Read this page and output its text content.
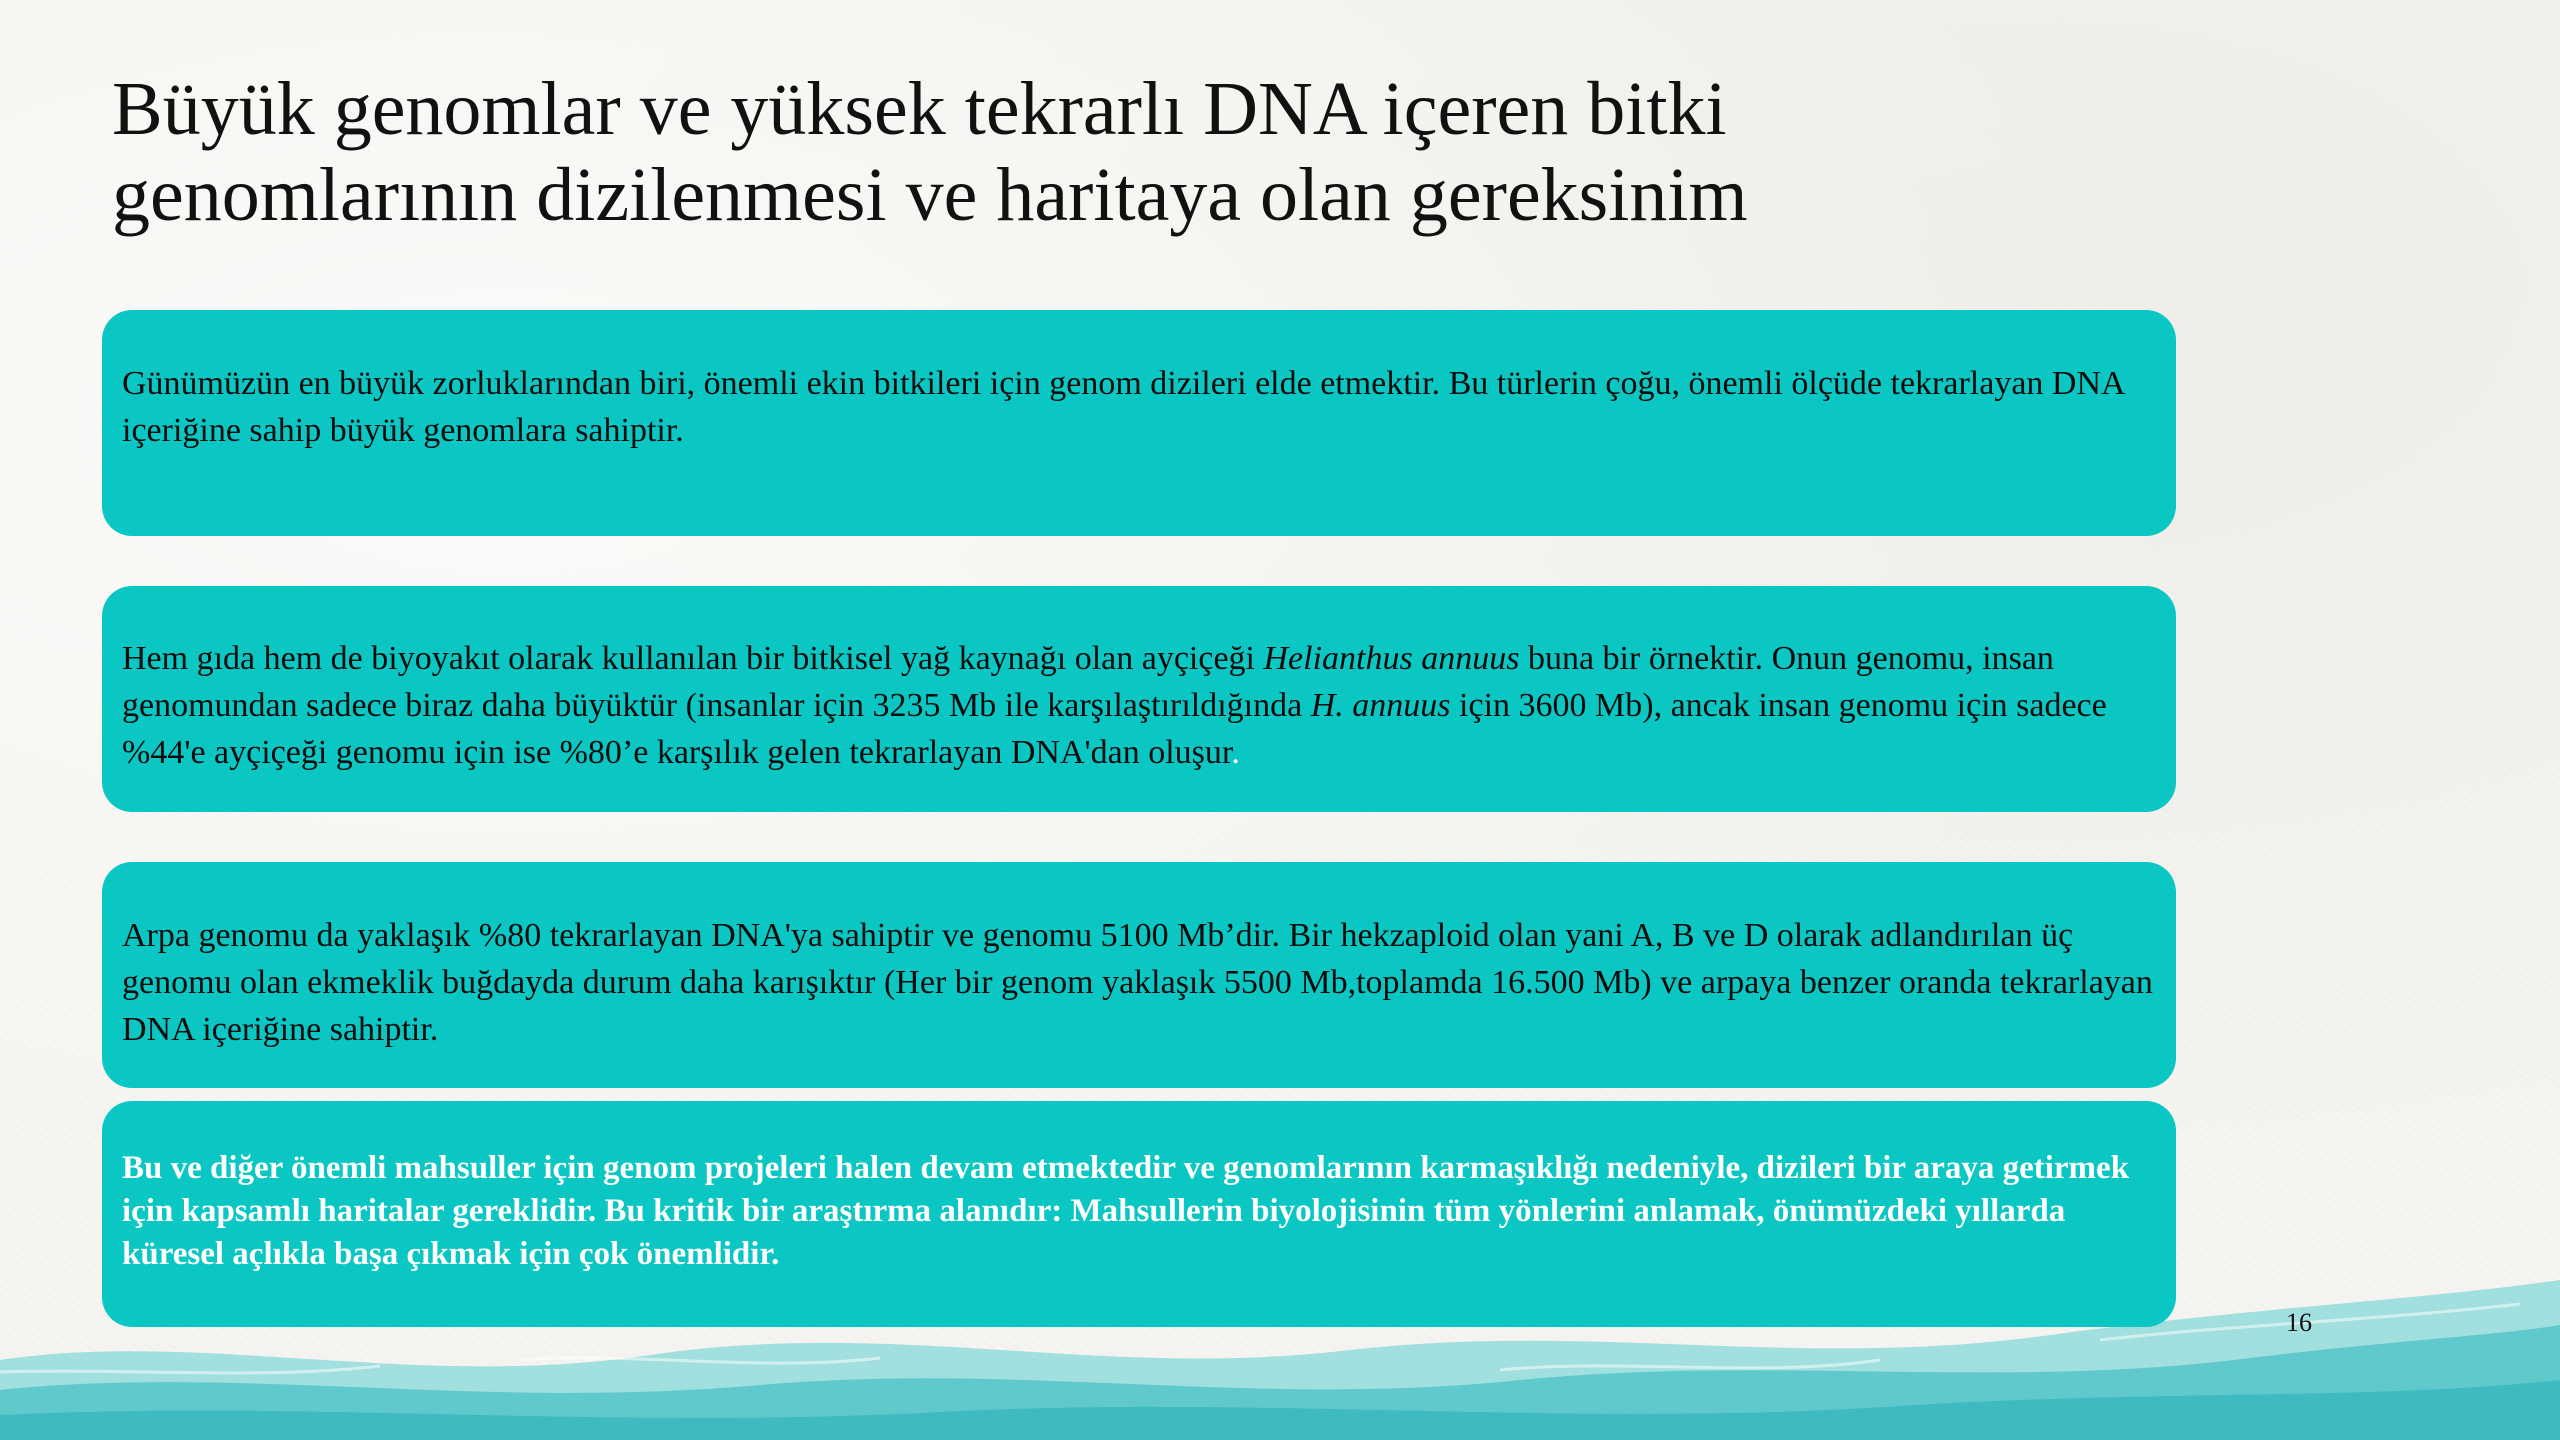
Büyük genomlar ve yüksek tekrarlı DNA içeren bitki
genomlarının dizilenmesi ve haritaya olan gereksinim

Günümüzün en büyük zorluklarından biri, önemli ekin bitkileri için genom dizileri elde etmektir. Bu türlerin çoğu, önemli ölçüde tekrarlayan DNA içeriğine sahip büyük genomlara sahiptir.

Hem gıda hem de biyoyakıt olarak kullanılan bir bitkisel yağ kaynağı olan ayçiçeği Helianthus annuus buna bir örnektir. Onun genomu, insan genomundan sadece biraz daha büyüktür (insanlar için 3235 Mb ile karşılaştırıldığında H. annuus için 3600 Mb), ancak insan genomu için sadece %44'e ayçiçeği genomu için ise %80’e karşılık gelen tekrarlayan DNA'dan oluşur.

Arpa genomu da yaklaşık %80 tekrarlayan DNA'ya sahiptir ve genomu 5100 Mb’dir. Bir hekzaploid olan yani A, B ve D olarak adlandırılan üç genomu olan ekmeklik buğdayda durum daha karışıktır (Her bir genom yaklaşık 5500 Mb,toplamda 16.500 Mb) ve arpaya benzer oranda tekrarlayan DNA içeriğine sahiptir.

Bu ve diğer önemli mahsuller için genom projeleri halen devam etmektedir ve genomlarının karmaşıklığı nedeniyle, dizileri bir araya getirmek için kapsamlı haritalar gereklidir. Bu kritik bir araştırma alanıdır: Mahsullerin biyolojisinin tüm yönlerini anlamak, önümüzdeki yıllarda küresel açlıkla başa çıkmak için çok önemlidir.

16
